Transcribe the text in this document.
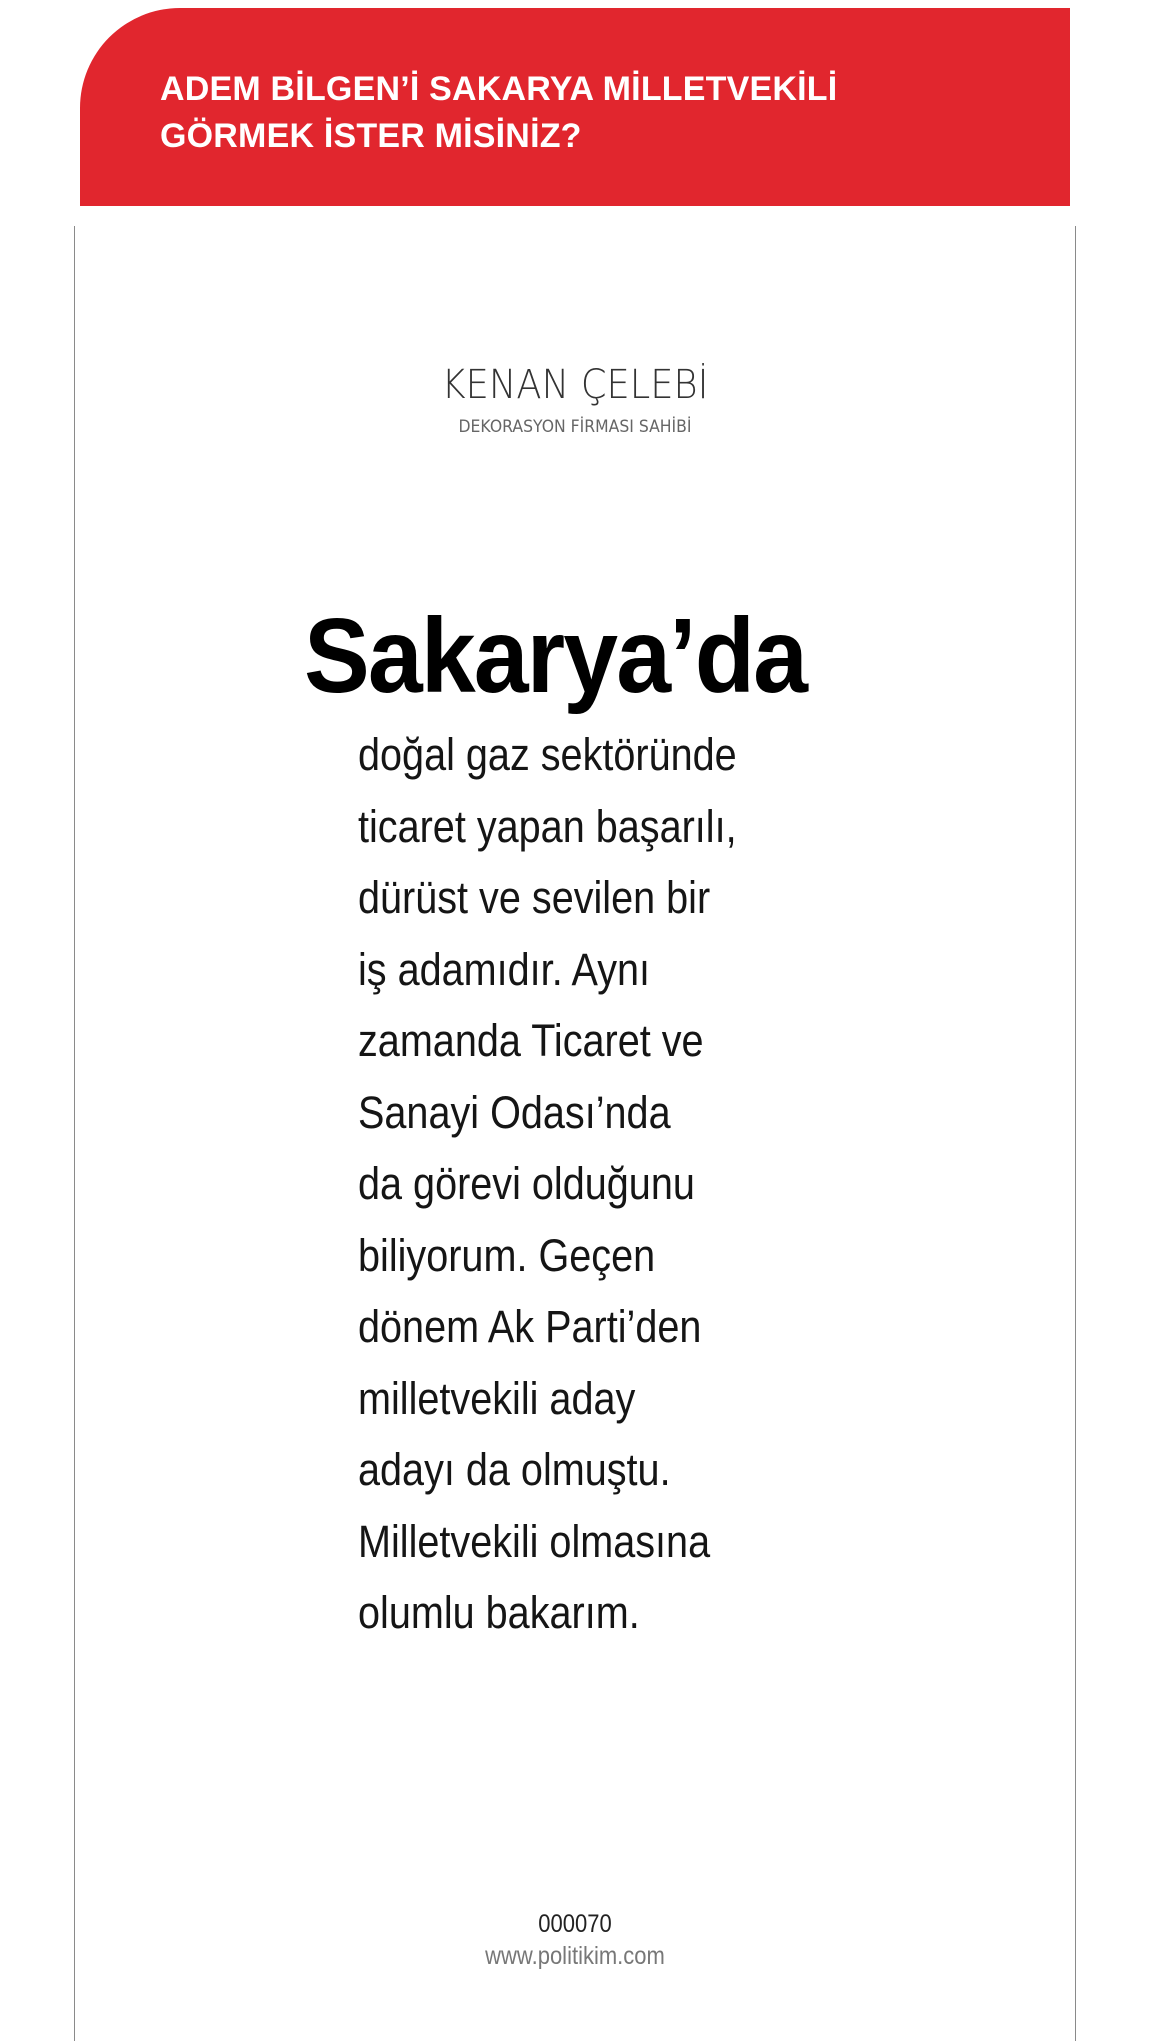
ADEM BİLGEN’İ SAKARYA MİLLETVEKİLİ
GÖRMEK İSTER MİSİNİZ?
KENAN ÇELEBİ
DEKORASYON FİRMASI SAHİBİ
Sakarya’da

doğal gaz sektöründe
ticaret yapan başarılı,
dürüst ve sevilen bir
iş adamıdır. Aynı
zamanda Ticaret ve
Sanayi Odası’nda
da görevi olduğunu
biliyorum. Geçen
dönem Ak Parti’den
milletvekili aday
adayı da olmuştu.
Milletvekili olmasına
olumlu bakarım.

000070
www.politikim.com
